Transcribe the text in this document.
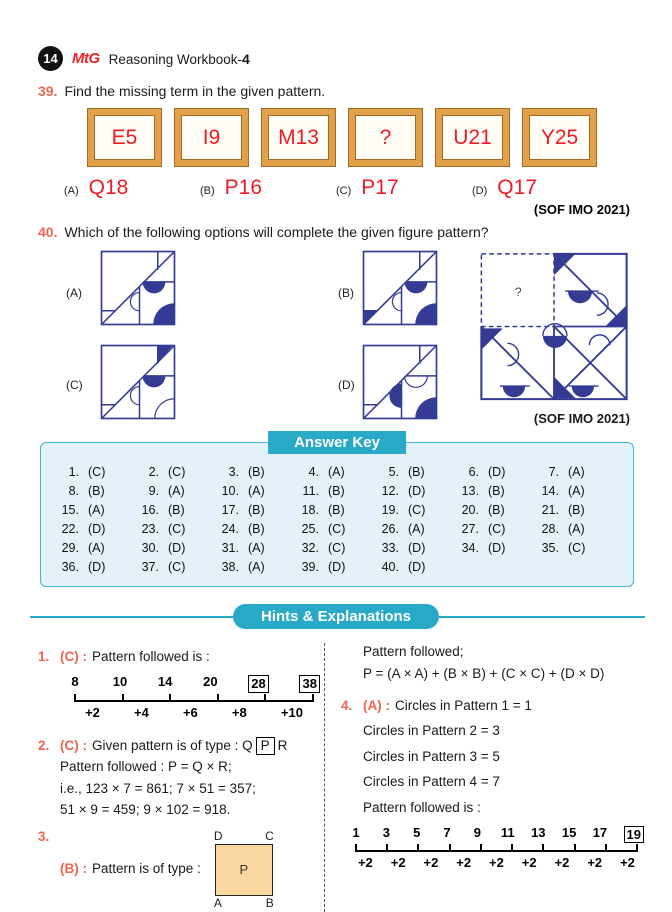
14 MtG Reasoning Workbook-4
39. Find the missing term in the given pattern.
E5	I9	M13	?	U21 Y25
(A) Q18	(B) P16	(C) P17	(D) Q17
(SOF IMO 2021)
40. Which of the following options will complete the given figure pattern?
(A)	(B)
(C)	(D)
?
(SOF IMO 2021)
Answer Key
1. (C)	2. (C)	3. (B)	4. (A)	5. (B)	6. (D)	7. (A)
8. (B)	9. (A)	10. (A)	11. (B)	12. (D)	13. (B)	14. (A)
15. (A)	16. (B)	17. (B)	18. (B)	19. (C)	20. (B)	21. (B)
22. (D)	23. (C)	24. (B)	25. (C)	26. (A)	27. (C)	28. (A)
29. (A)	30. (D)	31. (A)	32. (C)	33. (D)	34. (D)	35. (C)
36. (D)	37. (C)	38. (A)	39. (D)	40. (D)
Hints & Explanations
1. (C) : Pattern followed is :
8	10 14 20	28	38
+2	+4	+6	+8	+10
2. (C) : Given pattern is of type : Q P R
Pattern followed : P = Q × R;
i.e., 123 × 7 = 861; 7 × 51 = 357;
51 × 9 = 459; 9 × 102 = 918.
3.
(B) : Pattern is of type :
D	C
P
A	B
Pattern followed;
P = (A × A) + (B × B) + (C × C) + (D × D)
4. (A) : Circles in Pattern 1 = 1
Circles in Pattern 2 = 3
Circles in Pattern 3 = 5
Circles in Pattern 4 = 7
Pattern followed is :
1 3 5 7 9 11 13 15 17 19
+2 +2 +2 +2 +2 +2 +2 +2 +2
